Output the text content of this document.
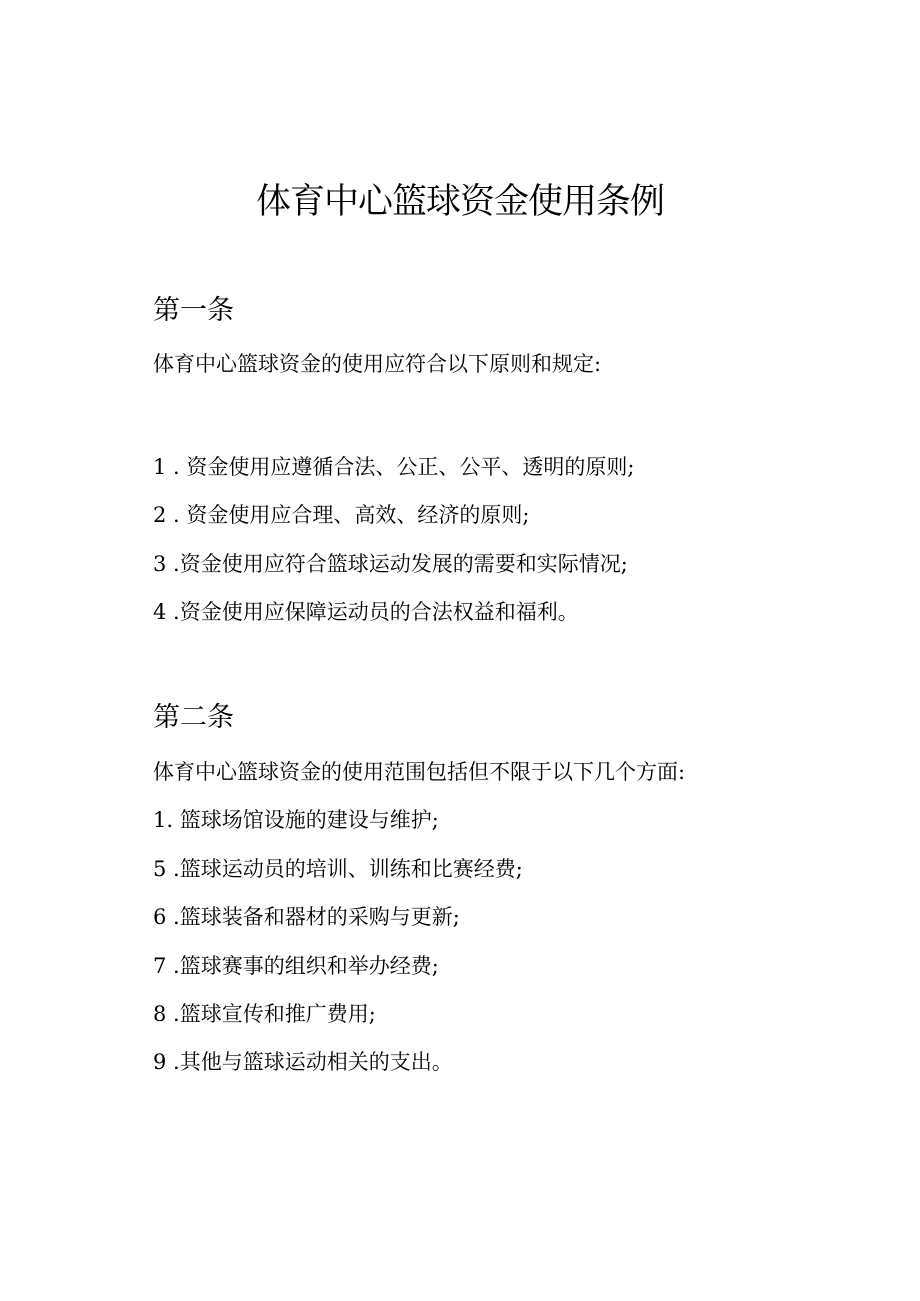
体育中心篮球资金使用条例
第一条
体育中心篮球资金的使用应符合以下原则和规定:
1 . 资金使用应遵循合法、公正、公平、透明的原则;
2 . 资金使用应合理、高效、经济的原则;
3 .资金使用应符合篮球运动发展的需要和实际情况;
4 .资金使用应保障运动员的合法权益和福利。
第二条
体育中心篮球资金的使用范围包括但不限于以下几个方面:
1. 篮球场馆设施的建设与维护;
5 .篮球运动员的培训、训练和比赛经费;
6 .篮球装备和器材的采购与更新;
7 .篮球赛事的组织和举办经费;
8 .篮球宣传和推广费用;
9 .其他与篮球运动相关的支出。
